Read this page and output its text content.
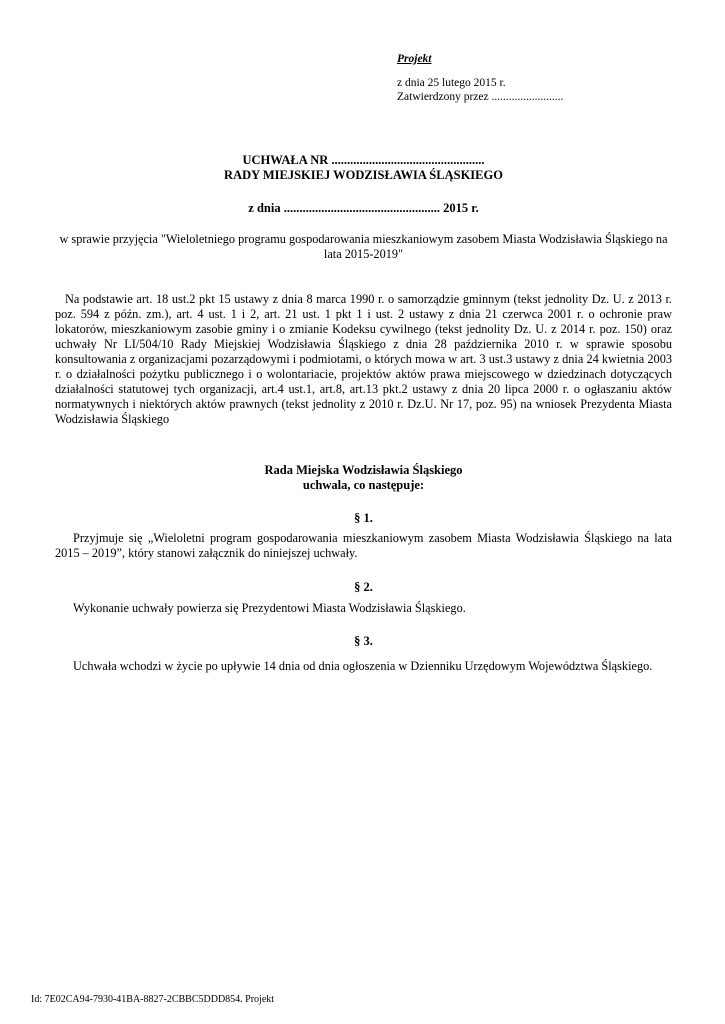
Projekt
z dnia 25 lutego 2015 r.
Zatwierdzony przez .........................
UCHWAŁA NR .................................................
RADY MIEJSKIEJ WODZISŁAWIA ŚLĄSKIEGO
z dnia .................................................. 2015 r.
w sprawie przyjęcia "Wieloletniego programu gospodarowania mieszkaniowym zasobem Miasta Wodzisławia Śląskiego na lata 2015-2019"
Na podstawie art. 18 ust.2 pkt 15 ustawy z dnia 8 marca 1990 r. o samorządzie gminnym (tekst jednolity Dz. U. z 2013 r. poz. 594 z późn. zm.), art. 4 ust. 1 i 2, art. 21 ust. 1 pkt 1 i ust. 2 ustawy z dnia 21 czerwca 2001 r. o ochronie praw lokatorów, mieszkaniowym zasobie gminy i o zmianie Kodeksu cywilnego (tekst jednolity Dz. U. z 2014 r. poz. 150) oraz uchwały Nr LI/504/10 Rady Miejskiej Wodzisławia Śląskiego z dnia 28 października 2010 r. w sprawie sposobu konsultowania z organizacjami pozarządowymi i podmiotami, o których mowa w art. 3 ust.3 ustawy z dnia 24 kwietnia 2003 r. o działalności pożytku publicznego i o wolontariacie, projektów aktów prawa miejscowego w dziedzinach dotyczących działalności statutowej tych organizacji, art.4 ust.1, art.8, art.13 pkt.2 ustawy z dnia 20 lipca 2000 r. o ogłaszaniu aktów normatywnych i niektórych aktów prawnych (tekst jednolity z 2010 r. Dz.U. Nr 17, poz. 95) na wniosek Prezydenta Miasta Wodzisławia Śląskiego
Rada Miejska Wodzisławia Śląskiego
uchwala, co następuje:
§ 1.
Przyjmuje się „Wieloletni program gospodarowania mieszkaniowym zasobem Miasta Wodzisławia Śląskiego na lata 2015 – 2019”, który stanowi załącznik do niniejszej uchwały.
§ 2.
Wykonanie uchwały powierza się Prezydentowi Miasta Wodzisławia Śląskiego.
§ 3.
Uchwała wchodzi w życie po upływie 14 dnia od dnia ogłoszenia w Dzienniku Urzędowym Województwa Śląskiego.
Id: 7E02CA94-7930-41BA-8827-2CBBC5DDD854. Projekt
